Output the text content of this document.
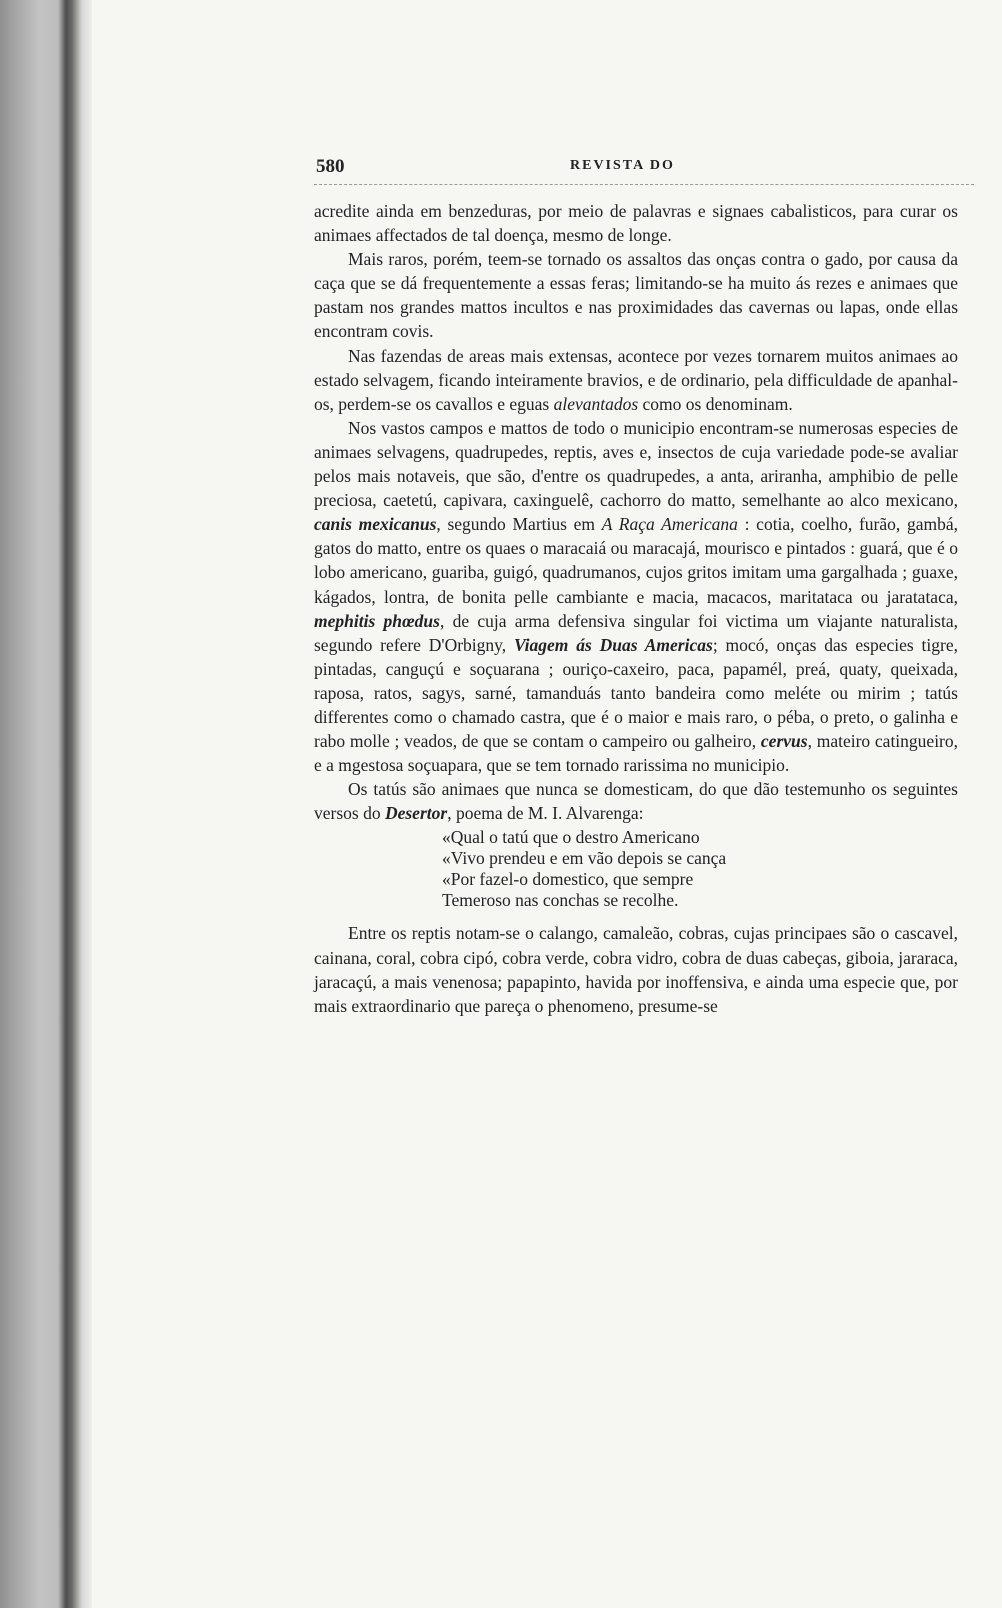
580	REVISTA DO

acredite ainda em benzeduras, por meio de palavras e signaes cabalisticos, para curar os animaes affectados de tal doença, mesmo de longe.

Mais raros, porém, teem-se tornado os assaltos das onças contra o gado, por causa da caça que se dá frequentemente a essas feras; limitando-se ha muito ás rezes e animaes que pastam nos grandes mattos incultos e nas proximidades das cavernas ou lapas, onde ellas encontram covis.

Nas fazendas de areas mais extensas, acontece por vezes tornarem muitos animaes ao estado selvagem, ficando inteiramente bravios, e de ordinario, pela difficuldade de apanhal-os, perdem-se os cavallos e eguas alevantados como os denominam.

Nos vastos campos e mattos de todo o municipio encontram-se numerosas especies de animaes selvagens, quadrupedes, reptis, aves e, insectos de cuja variedade pode-se avaliar pelos mais notaveis, que são, d'entre os quadrupedes, a anta, ariranha, amphibio de pelle preciosa, caetetú, capivara, caxinguelê, cachorro do matto, semelhante ao alco mexicano, canis mexicanus, segundo Martius em A Raça Americana : cotia, coelho, furão, gambá, gatos do matto, entre os quaes o maracaiá ou maracajá, mourisco e pintados : guará, que é o lobo americano, guariba, guigó, quadrumanos, cujos gritos imitam uma gargalhada ; guaxe, kágados, lontra, de bonita pelle cambiante e macia, macacos, maritataca ou jaratataca, mephitis phœdus, de cuja arma defensiva singular foi victima um viajante naturalista, segundo refere D'Orbigny, Viagem ás Duas Americas; mocó, onças das especies tigre, pintadas, canguçú e soçuarana ; ouriço-caxeiro, paca, papamél, preá, quaty, queixada, raposa, ratos, sagys, sarné, tamanduás tanto bandeira como meléte ou mirim ; tatús differentes como o chamado castra, que é o maior e mais raro, o péba, o preto, o galinha e rabo molle ; veados, de que se contam o campeiro ou galheiro, cervus, mateiro catingueiro, e a mgestosa soçuapara, que se tem tornado rarissima no municipio.

Os tatús são animaes que nunca se domesticam, do que dão testemunho os seguintes versos do Desertor, poema de M. I. Alvarenga:

«Qual o tatú que o destro Americano
«Vivo prendeu e em vão depois se cança
«Por fazel-o domestico, que sempre
Temeroso nas conchas se recolhe.

Entre os reptis notam-se o calango, camaleão, cobras, cujas principaes são o cascavel, cainana, coral, cobra cipó, cobra verde, cobra vidro, cobra de duas cabeças, giboia, jararaca, jaracaçú, a mais venenosa; papapinto, havida por inoffensiva, e ainda uma especie que, por mais extraordinario que pareça o phenomeno, presume-se
